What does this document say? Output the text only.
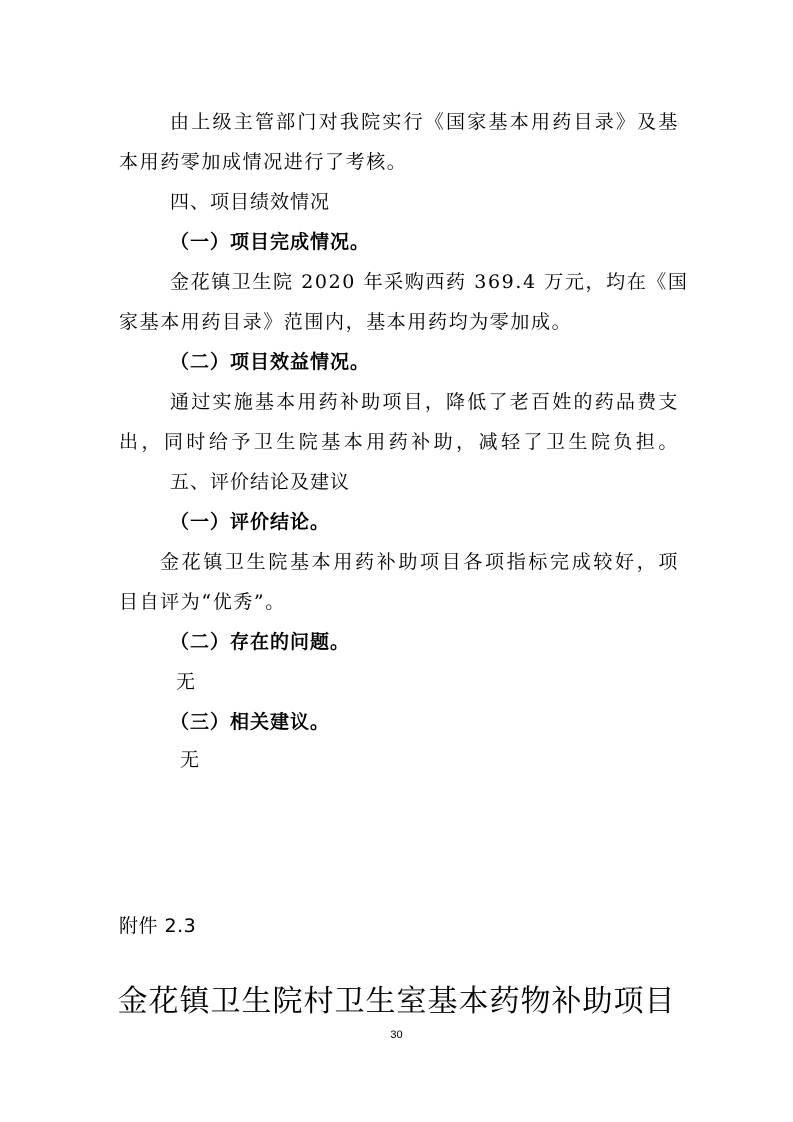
由上级主管部门对我院实行《国家基本用药目录》及基
本用药零加成情况进行了考核。
四、项目绩效情况
（一）项目完成情况。
金花镇卫生院 2020 年采购西药 369.4 万元，均在《国
家基本用药目录》范围内，基本用药均为零加成。
（二）项目效益情况。
通过实施基本用药补助项目，降低了老百姓的药品费支
出，同时给予卫生院基本用药补助，减轻了卫生院负担。
五、评价结论及建议
（一）评价结论。
金花镇卫生院基本用药补助项目各项指标完成较好，项
目自评为“优秀”。
（二）存在的问题。
无
（三）相关建议。
无
附件 2.3
金花镇卫生院村卫生室基本药物补助项目
30
